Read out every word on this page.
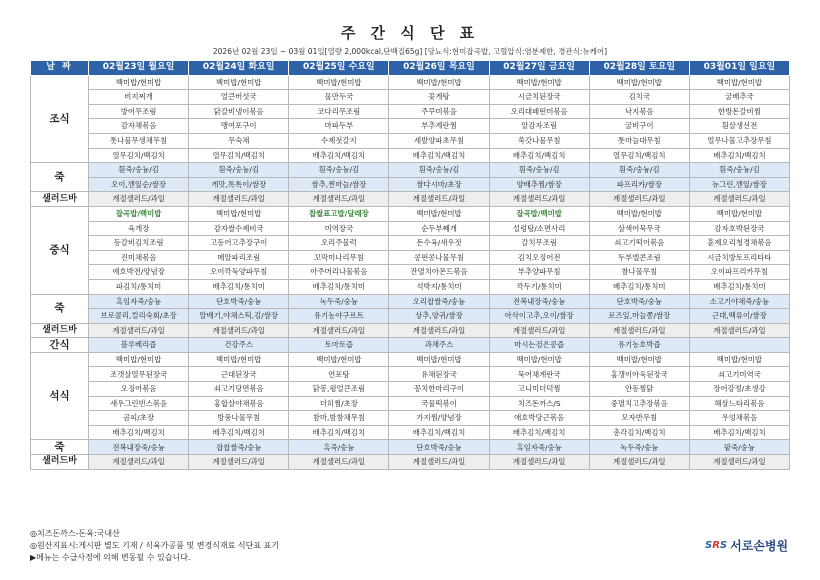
주 간 식 단 표
2026년 02월 23일 ~ 03월 01일[열량 2,000kcal,단백질65g] [당뇨식:현미잡곡밥, 고혈압식:염분제한, 경관식:뉴케어]
날 짜	02월23일 월요일	02월24일 화요일	02월25일 수요일	02월26일 목요일	02월27일 금요일	02월28일 토요일	03월01일 일요일
조식	백미밥/현미밥	백미밥/현미밥	백미밥/현미밥	백미밥/현미밥	백미밥/현미밥	백미밥/현미밥	백미밥/현미밥
	비지찌개	얼큰버섯국	물만두국	꽃게탕	시금치된장국	김치국	굴배추국
	방어무조림	닭갈비냉이볶음	코다리무조림	주꾸미볶음	오리대패떤미볶음	낙지볶음	한방돈갈비찜
	감자채볶음	맹여포구이	마파두부	부추계란찜	알감자조림	굴비구이	흰살생선전
	톳나물무생채무침	무숙채	수제젓갈지	세발양파초무침	쑥갓나물무침	톳마늘대무침	열무나물고추장무침
	열무김치/백김치	열무김치/백김치	배추김치/백김치	배추김치/백김치	배추김치/백김치	열무김치/백김치	배추김치/백김치
죽	흰죽/숭늉/김	흰죽/숭늉/김	흰죽/숭늉/김	흰죽/숭늉/김	흰죽/숭늉/김	흰죽/숭늉/김	흰죽/숭늉/김
	오이,깬잎순/쌈장	게맛,톡톡이/쌈장	쌈추,찐마늘/쌈장	쌈다시마/초장	양배추찜/쌈장	파프리카/쌈장	뉴그린,깬잎/쌈장
샐러드바	계절샐러드/과일	계절샐러드/과일	계절샐러드/과일	계절샐러드/과일	계절샐러드/과일	계절샐러드/과일	계절샐러드/과일
중식	잡곡밥/백미밥	백미밥/현미밥	찹쌀표고밥/달래장	백미밥/현미밥	잡곡밥/백미밥	백미밥/현미밥	백미밥/현미밥
	육개장	감자쌀수제비국	미역장국	순두부째개	설렁탕/소면사리	삼색어묵무국	감자호박된장국
	등갈비김치조림	고등어고추장구이	오리주물럭	돈수육/새우젓	갈치무조림	쇠고기떡이볶음	훈제오리청경채볶음
	진미채볶음	메알파리조림	꼬막미나리무침	콩떤콩나물무침	김치오징어전	두부엘콘조림	시금치방토프리타타
	애호박전/양념장	오이깍둑양파무침	아주머리나물볶음	잔멸치아몬드볶음	부추양파무침	참나물무침	오이파프리카무침
	파김치/통치미	배추김치/통치미	배추김치/통치미	석박지/통치미	깍두기/통치미	배추김치/통치미	배추김치/통치미
죽	흑임자죽/숭늉	단호박죽/숭늉	녹두죽/숭늉	오리찹쌀죽/숭늉	전복내장죽/숭늉	단호박죽/숭늉	소고기야채죽/숭늉
	브로콜리,컬리숙회/초장	알배기,야채스틱,김/쌈장	유기농야구르트	상추,양귀/쌈장	아삭이고추,오이/쌈장	로즈잎,마늘쫑/쌈장	근대,백류이/쌈장
샐러드바	계절샐러드/과일	계절샐러드/과일	계절샐러드/과일	계절샐러드/과일	계절샐러드/과일	계절샐러드/과일	계절샐러드/과일
간식	블루베리즙	건강주스	토마토즙	과채주스	마시는검은콩즙	유기농호박즙	
석식	백미밥/현미밥	백미밥/현미밥	백미밥/현미밥	백미밥/현미밥	백미밥/현미밥	백미밥/현미밥	백미밥/현미밥
	조갯살열무된장국	근대된장국	연포탕	유채된장국	묵어채계란국	홍갱이아욱된장국	쇠고기미역국
	오징어볶음	쇠고기당면볶음	닭봉,윙얼큰조림	꽁치한마리구이	고니미더덕찜	안동찜닭	장어강정/초생강
	새우그린빈스볶음	홍합살야채볶음	더히찜/초장	국물떡볶이	치즈돈까스/S	중멸치고추장볶음	해삼느타리볶음
	곰피/초장	방풍나물무침	참마,밤참채무침	가지찜/양념장	애호박당근볶음	모자반무침	우엉채볶음
	배추김치/백김치	배추김치/백김치	배추김치/백김치	배추김치/백김치	배추김치/백김치	총각김치/백김치	배추김치/백김치
죽	전복내장죽/숭늉	잡찹쌀죽/숭늉	흑죽/숭늉	단호박죽/숭늉	흑임자죽/숭늉	녹두죽/숭늉	팥죽/숭늉
샐러드바	계절샐러드/과일	계절샐러드/과일	계절샐러드/과일	계절샐러드/과일	계절샐러드/과일	계절샐러드/과일	계절샐러드/과일
◎치즈돈까스-돈육:국내산
◎원산지표시:게시판 별도 기재 / 식육가공품 및 변경식재료 식단표 표기
▶메뉴는 수급사정에 의해 변동될 수 있습니다.
SRS 서로손병원
